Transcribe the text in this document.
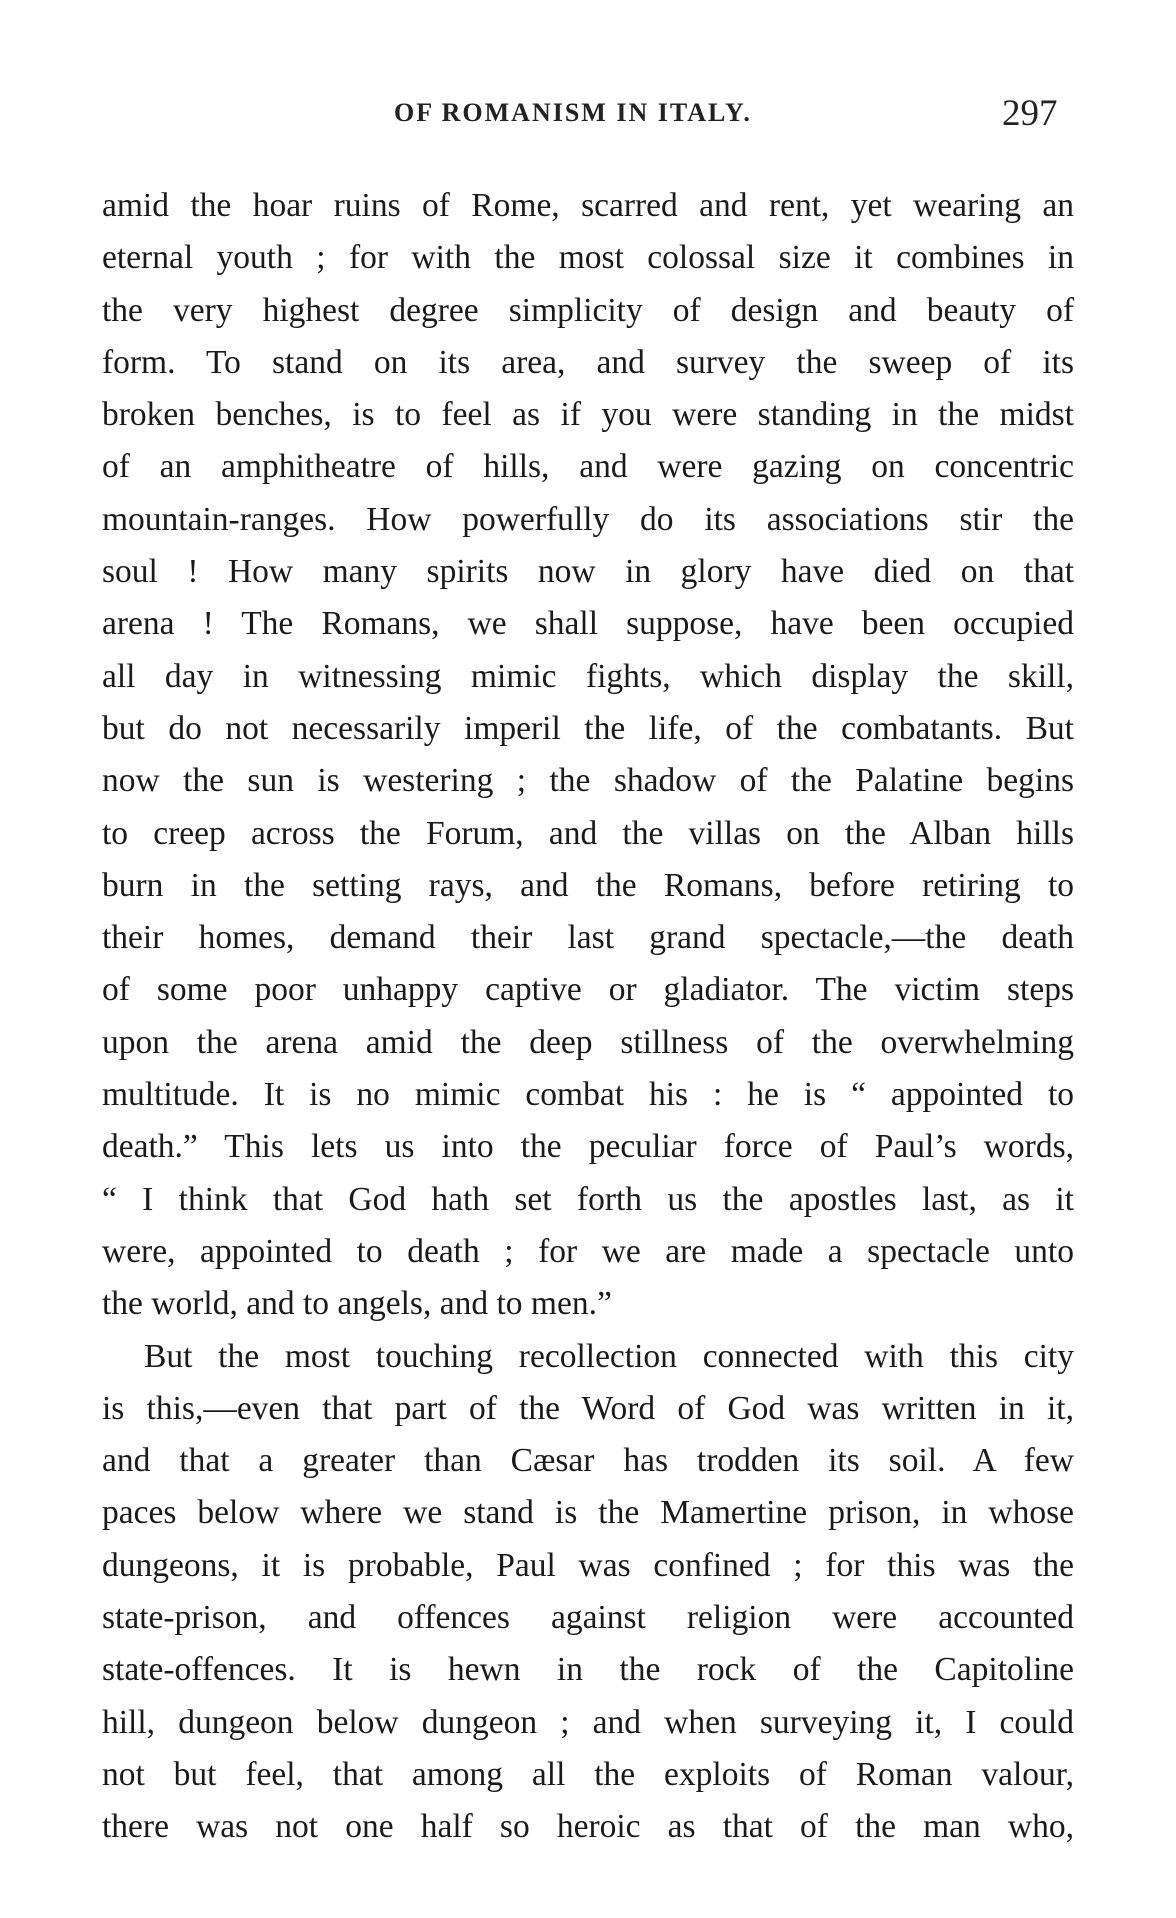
OF ROMANISM IN ITALY.	297
amid the hoar ruins of Rome, scarred and rent, yet wearing an
eternal youth ; for with the most colossal size it combines in
the very highest degree simplicity of design and beauty of
form. To stand on its area, and survey the sweep of its
broken benches, is to feel as if you were standing in the midst
of an amphitheatre of hills, and were gazing on concentric
mountain-ranges. How powerfully do its associations stir the
soul ! How many spirits now in glory have died on that
arena ! The Romans, we shall suppose, have been occupied
all day in witnessing mimic fights, which display the skill,
but do not necessarily imperil the life, of the combatants. But
now the sun is westering ; the shadow of the Palatine begins
to creep across the Forum, and the villas on the Alban hills
burn in the setting rays, and the Romans, before retiring to
their homes, demand their last grand spectacle,—the death
of some poor unhappy captive or gladiator. The victim steps
upon the arena amid the deep stillness of the overwhelming
multitude. It is no mimic combat his : he is “ appointed to
death.” This lets us into the peculiar force of Paul’s words,
“ I think that God hath set forth us the apostles last, as it
were, appointed to death ; for we are made a spectacle unto
the world, and to angels, and to men.”
But the most touching recollection connected with this city
is this,—even that part of the Word of God was written in it,
and that a greater than Cæsar has trodden its soil. A few
paces below where we stand is the Mamertine prison, in whose
dungeons, it is probable, Paul was confined ; for this was the
state-prison, and offences against religion were accounted
state-offences. It is hewn in the rock of the Capitoline
hill, dungeon below dungeon ; and when surveying it, I could
not but feel, that among all the exploits of Roman valour,
there was not one half so heroic as that of the man who,
